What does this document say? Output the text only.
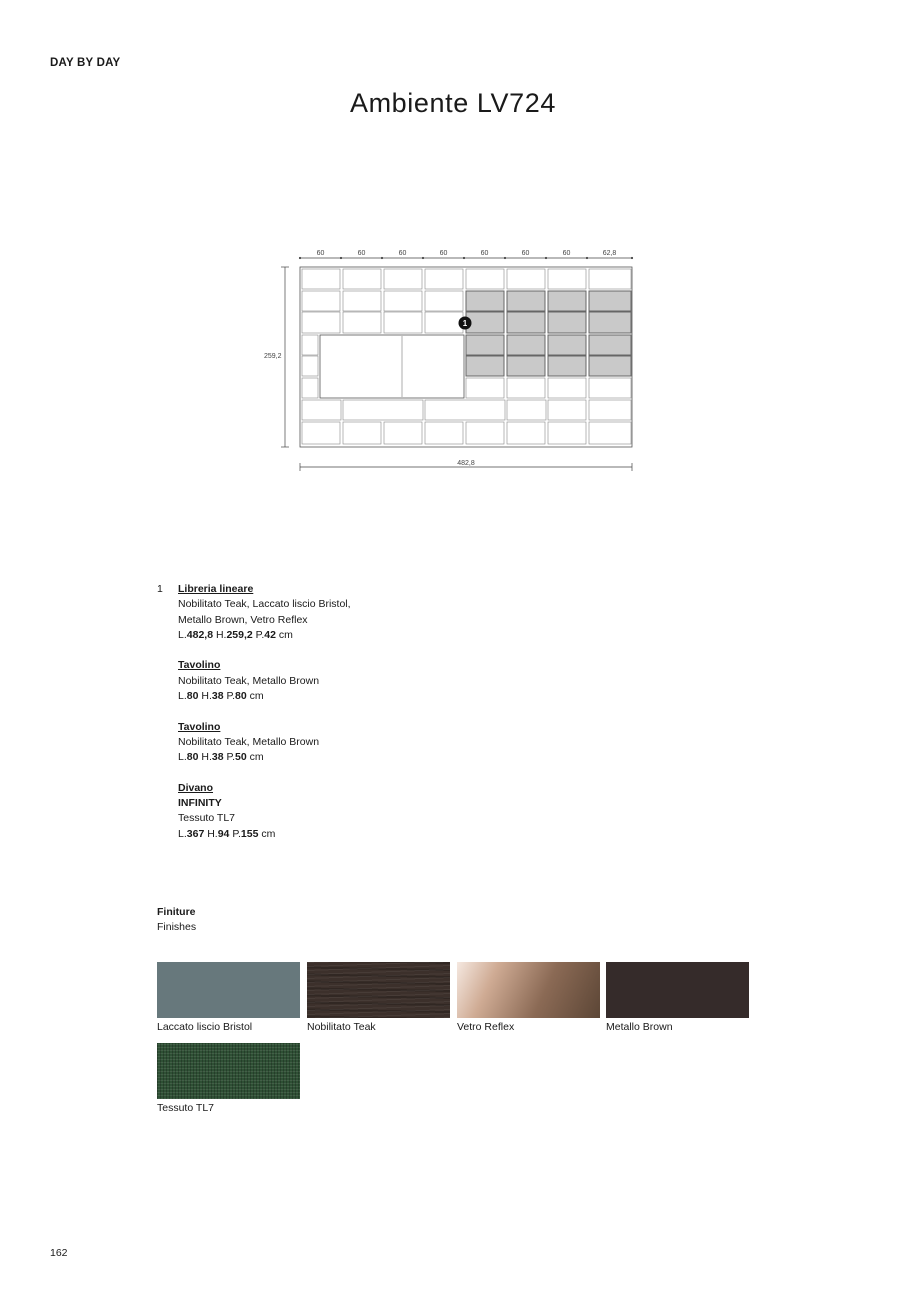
DAY BY DAY
Ambiente LV724
60	60	60	60	60	60	60	62,8
259,2
482,8
1
1 Libreria lineare
Nobilitato Teak, Laccato liscio Bristol,
Metallo Brown, Vetro Reflex
L.482,8 H.259,2 P.42 cm
Tavolino
Nobilitato Teak, Metallo Brown
L.80 H.38 P.80 cm
Tavolino
Nobilitato Teak, Metallo Brown
L.80 H.38 P.50 cm
Divano
INFINITY
Tessuto TL7
L.367 H.94 P.155 cm
Finiture
Finishes
Laccato liscio Bristol	Nobilitato Teak	Vetro Reflex	Metallo Brown
Tessuto TL7
162
